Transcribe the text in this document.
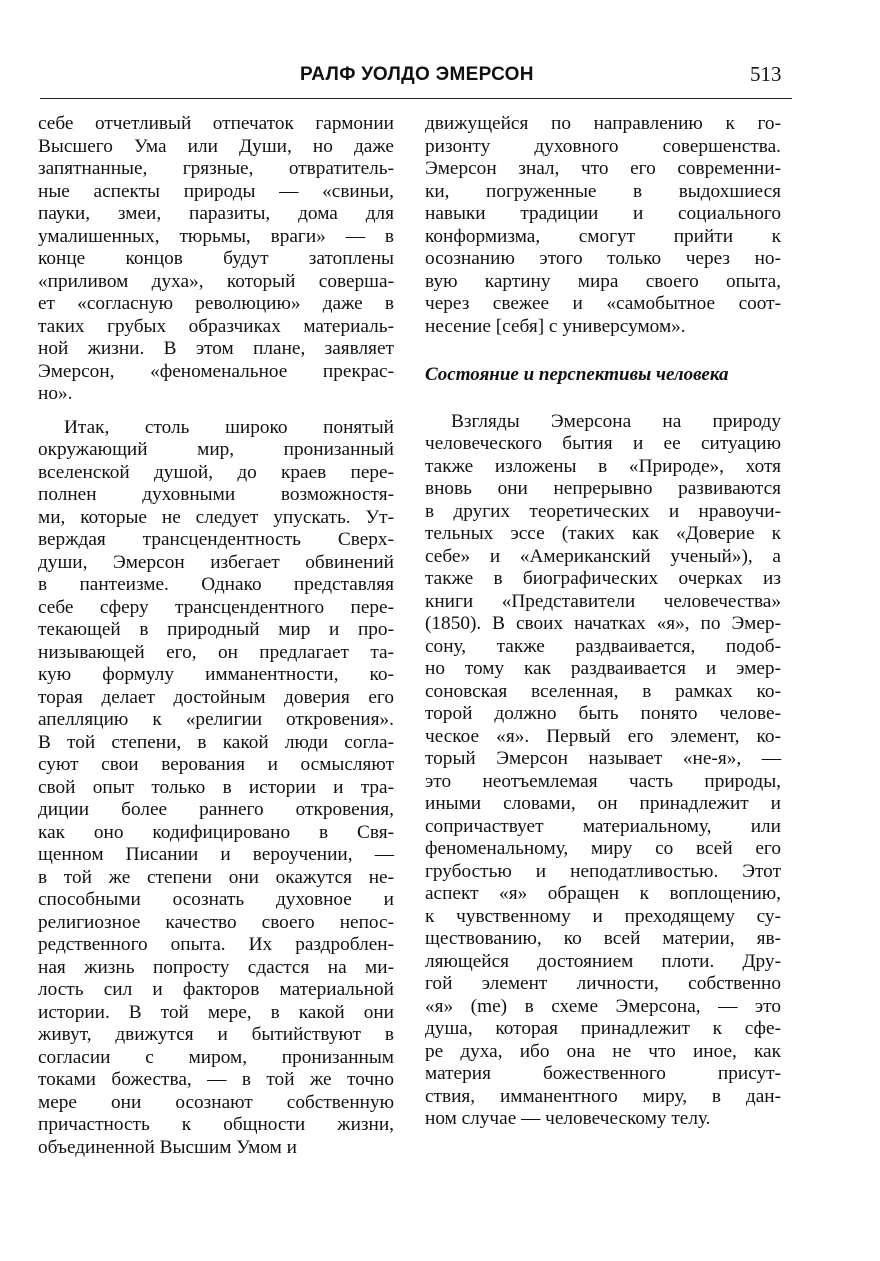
РАЛФ УОЛДО ЭМЕРСОН	513
себе отчетливый отпечаток гармонии
Высшего Ума или Души, но даже
запятнанные, грязные, отвратитель-
ные аспекты природы — «свиньи,
пауки, змеи, паразиты, дома для
умалишенных, тюрьмы, враги» — в
конце концов будут затоплены
«приливом духа», который соверша-
ет «согласную революцию» даже в
таких грубых образчиках материаль-
ной жизни. В этом плане, заявляет
Эмерсон, «феноменальное прекрас-
но».
Итак, столь широко понятый
окружающий мир, пронизанный
вселенской душой, до краев пере-
полнен духовными возможностя-
ми, которые не следует упускать. Ут-
верждая трансцендентность Сверх-
души, Эмерсон избегает обвинений
в пантеизме. Однако представляя
себе сферу трансцендентного пере-
текающей в природный мир и про-
низывающей его, он предлагает та-
кую формулу имманентности, ко-
торая делает достойным доверия его
апелляцию к «религии откровения».
В той степени, в какой люди согла-
суют свои верования и осмысляют
свой опыт только в истории и тра-
диции более раннего откровения,
как оно кодифицировано в Свя-
щенном Писании и вероучении, —
в той же степени они окажутся не-
способными осознать духовное и
религиозное качество своего непос-
редственного опыта. Их раздроблен-
ная жизнь попросту сдастся на ми-
лость сил и факторов материальной
истории. В той мере, в какой они
живут, движутся и бытийствуют в
согласии с миром, пронизанным
токами божества, — в той же точно
мере они осознают собственную
причастность к общности жизни,
объединенной Высшим Умом и
движущейся по направлению к го-
ризонту духовного совершенства.
Эмерсон знал, что его современни-
ки, погруженные в выдохшиеся
навыки традиции и социального
конформизма, смогут прийти к
осознанию этого только через но-
вую картину мира своего опыта,
через свежее и «самобытное соот-
несение [себя] с универсумом».
Состояние и перспективы человека
Взгляды Эмерсона на природу
человеческого бытия и ее ситуацию
также изложены в «Природе», хотя
вновь они непрерывно развиваются
в других теоретических и нравоучи-
тельных эссе (таких как «Доверие к
себе» и «Американский ученый»), а
также в биографических очерках из
книги «Представители человечества»
(1850). В своих начатках «я», по Эмер-
сону, также раздваивается, подоб-
но тому как раздваивается и эмер-
соновская вселенная, в рамках ко-
торой должно быть понято челове-
ческое «я». Первый его элемент, ко-
торый Эмерсон называет «не-я», —
это неотъемлемая часть природы,
иными словами, он принадлежит и
сопричаствует материальному, или
феноменальному, миру со всей его
грубостью и неподатливостью. Этот
аспект «я» обращен к воплощению,
к чувственному и преходящему су-
ществованию, ко всей материи, яв-
ляющейся достоянием плоти. Дру-
гой элемент личности, собственно
«я» (me) в схеме Эмерсона, — это
душа, которая принадлежит к сфе-
ре духа, ибо она не что иное, как
материя божественного присут-
ствия, имманентного миру, в дан-
ном случае — человеческому телу.
